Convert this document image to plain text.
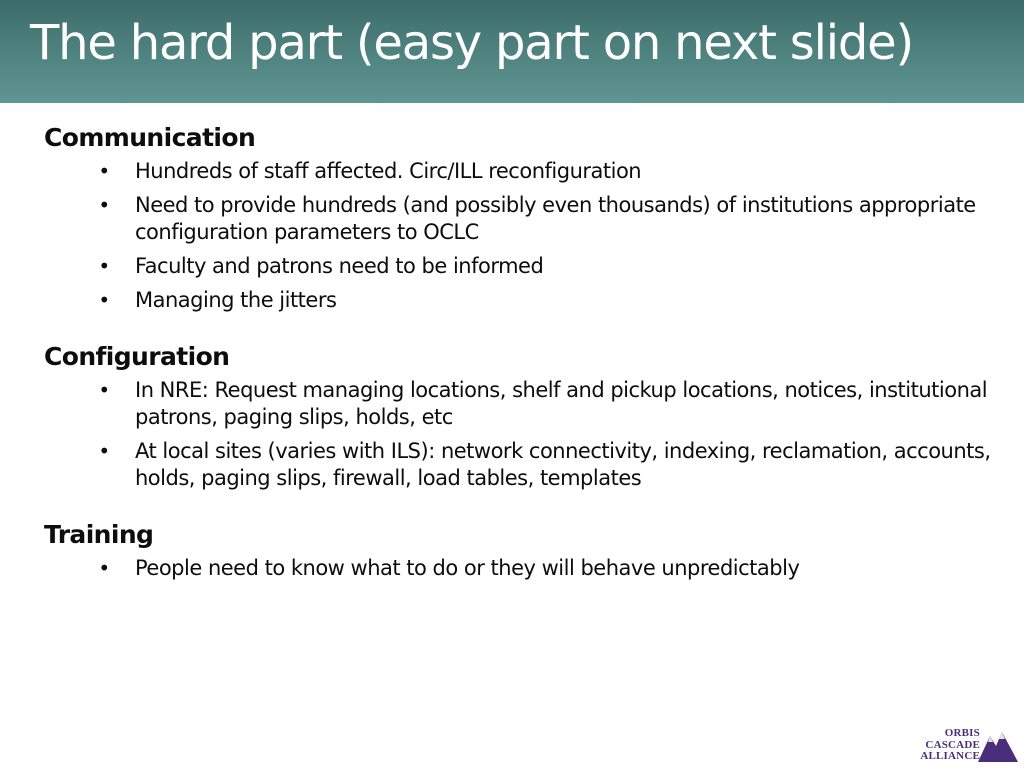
The hard part (easy part on next slide)
Communication
• Hundreds of staff affected. Circ/ILL reconfiguration
• Need to provide hundreds (and possibly even thousands) of institutions appropriate configuration parameters to OCLC
• Faculty and patrons need to be informed
• Managing the jitters
Configuration
• In NRE: Request managing locations, shelf and pickup locations, notices, institutional patrons, paging slips, holds, etc
• At local sites (varies with ILS): network connectivity, indexing, reclamation, accounts, holds, paging slips, firewall, load tables, templates
Training
• People need to know what to do or they will behave unpredictably
ORBIS
CASCADE
ALLIANCE
